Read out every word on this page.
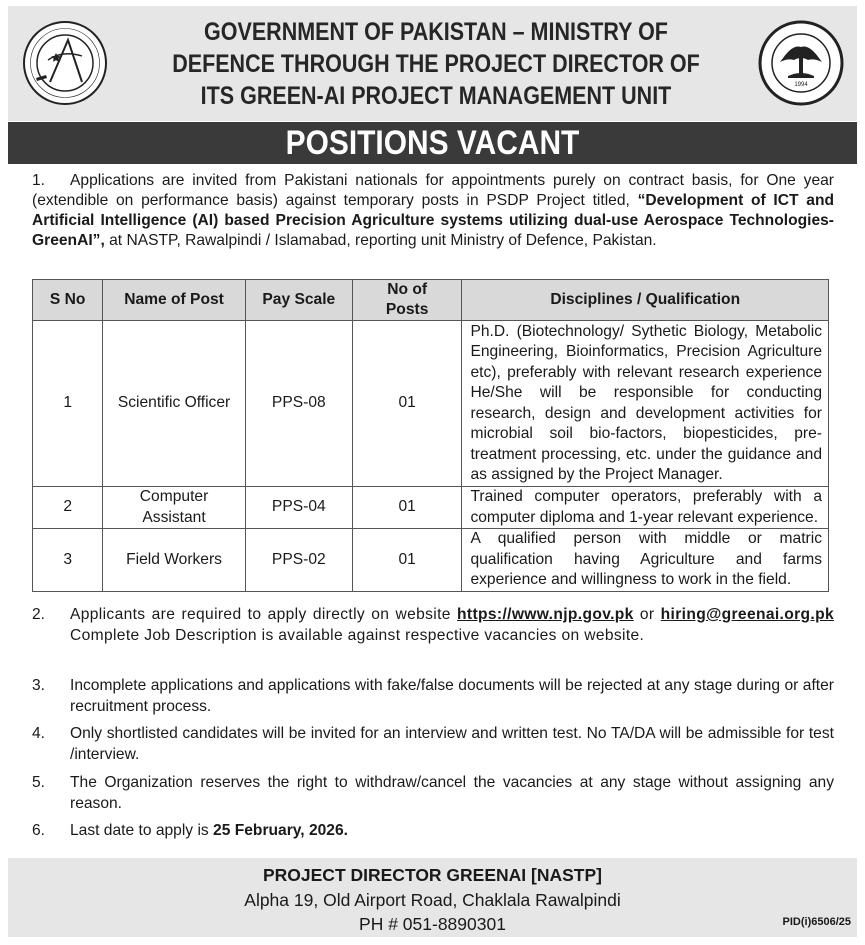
GOVERNMENT OF PAKISTAN – MINISTRY OF DEFENCE THROUGH THE PROJECT DIRECTOR OF ITS GREEN-AI PROJECT MANAGEMENT UNIT	1994
POSITIONS VACANT
1. Applications are invited from Pakistani nationals for appointments purely on contract basis, for One year (extendible on performance basis) against temporary posts in PSDP Project titled, “Development of ICT and Artificial Intelligence (AI) based Precision Agriculture systems utilizing dual-use Aerospace Technologies-GreenAI”, at NASTP, Rawalpindi / Islamabad, reporting unit Ministry of Defence, Pakistan.
S No	Name of Post	Pay Scale	No of Posts	Disciplines / Qualification
1	Scientific Officer	PPS-08	01	Ph.D. (Biotechnology/ Sythetic Biology, Metabolic Engineering, Bioinformatics, Precision Agriculture etc), preferably with relevant research experience He/She will be responsible for conducting research, design and development activities for microbial soil bio-factors, biopesticides, pre-treatment processing, etc. under the guidance and as assigned by the Project Manager.
2	Computer Assistant	PPS-04	01	Trained computer operators, preferably with a computer diploma and 1-year relevant experience.
3	Field Workers	PPS-02	01	A qualified person with middle or matric qualification having Agriculture and farms experience and willingness to work in the field.
2. Applicants are required to apply directly on website https://www.njp.gov.pk or hiring@greenai.org.pk Complete Job Description is available against respective vacancies on website.
3. Incomplete applications and applications with fake/false documents will be rejected at any stage during or after recruitment process.
4. Only shortlisted candidates will be invited for an interview and written test. No TA/DA will be admissible for test /interview.
5. The Organization reserves the right to withdraw/cancel the vacancies at any stage without assigning any reason.
6. Last date to apply is 25 February, 2026.
PROJECT DIRECTOR GREENAI [NASTP]
Alpha 19, Old Airport Road, Chaklala Rawalpindi
PH # 051-8890301	PID(i)6506/25
